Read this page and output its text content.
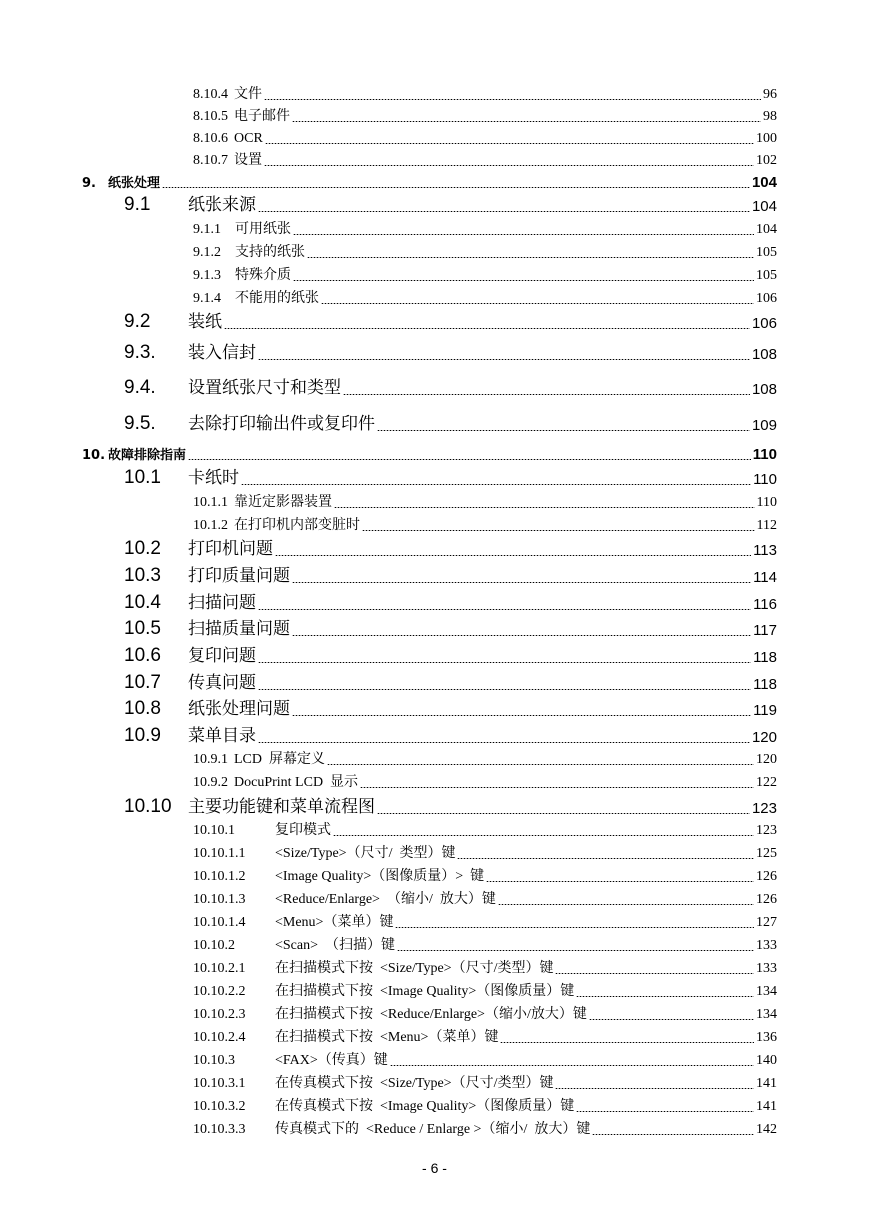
8.10.4 文件	96
8.10.5 电子邮件	98
8.10.6 OCR	100
8.10.7 设置	102
9. 纸张处理	104
9.1	纸张来源	104
9.1.1 可用纸张	104
9.1.2 支持的纸张	105
9.1.3 特殊介质	105
9.1.4 不能用的纸张	106
9.2	装纸	106
9.3.	装入信封	108
9.4.	设置纸张尺寸和类型	108
9.5.	去除打印输出件或复印件	109
10. 故障排除指南	110
10.1	卡纸时	110
10.1.1 靠近定影器装置	110
10.1.2 在打印机内部变脏时	112
10.2	打印机问题	113
10.3	打印质量问题	114
10.4	扫描问题	116
10.5	扫描质量问题	117
10.6	复印问题	118
10.7	传真问题	118
10.8	纸张处理问题	119
10.9	菜单目录	120
10.9.1 LCD  屏幕定义	120
10.9.2 DocuPrint LCD  显示	122
10.10 主要功能键和菜单流程图	123
10.10.1	复印模式	123
10.10.1.1	<Size/Type>（尺寸/  类型）键	125
10.10.1.2	<Image Quality>（图像质量）>  键	126
10.10.1.3	<Reduce/Enlarge>  （缩小/  放大）键	126
10.10.1.4	<Menu>（菜单）键	127
10.10.2	<Scan>  （扫描）键	133
10.10.2.1	在扫描模式下按  <Size/Type>（尺寸/类型）键	133
10.10.2.2	在扫描模式下按  <Image Quality>（图像质量）键	134
10.10.2.3	在扫描模式下按  <Reduce/Enlarge>（缩小/放大）键	134
10.10.2.4	在扫描模式下按  <Menu>（菜单）键	136
10.10.3	<FAX>（传真）键	140
10.10.3.1	在传真模式下按  <Size/Type>（尺寸/类型）键	141
10.10.3.2	在传真模式下按  <Image Quality>（图像质量）键	141
10.10.3.3	传真模式下的  <Reduce / Enlarge >（缩小/  放大）键	142
- 6 -
